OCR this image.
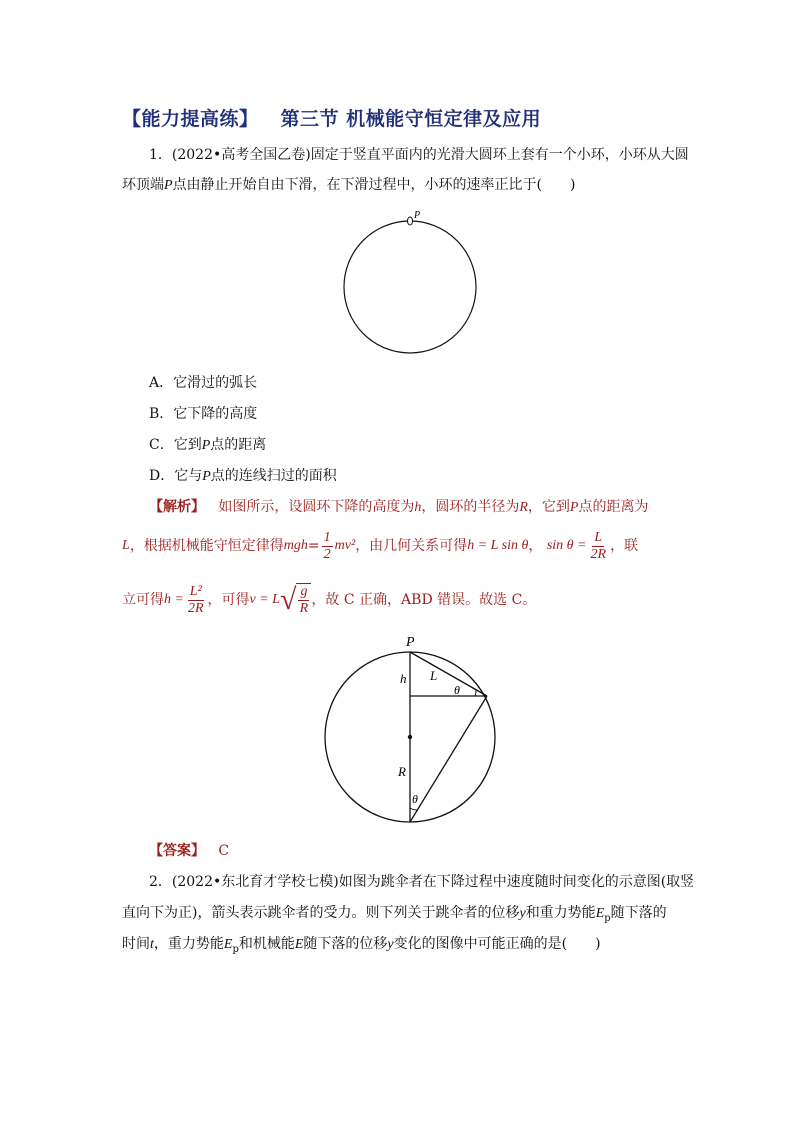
【能力提高练】 第三节 机械能守恒定律及应用
1．(2022•高考全国乙卷)固定于竖直平面内的光滑大圆环上套有一个小环，小环从大圆
环顶端P点由静止开始自由下滑，在下滑过程中，小环的速率正比于(　　)
P
A．它滑过的弧长
B．它下降的高度
C．它到P点的距离
D．它与P点的连线扫过的面积
【解析】 如图所示，设圆环下降的高度为h，圆环的半径为R，它到P点的距离为
L ，根据机械能守恒定律得 mgh = $\frac{1}{2} mv^2$ ，由几何关系可得 h = L sin θ ，
$\sin \theta = \frac{L}{2R}$ ，联
立可得 $h = \frac{\text{L²}}{2R}$ ，可得 v = L √ g
R
，故 C 正确，ABD 错误。故选 C。
P
h L
θ
R
θ
【答案】 C
2．(2022•东北育才学校七模)如图为跳伞者在下降过程中速度随时间变化的示意图(取竖
直向下为正)，箭头表示跳伞者的受力。则下列关于跳伞者的位移y和重力势能$E_p$随下落的
时间t，重力势能$E_p$和机械能E随下落的位移y变化的图像中可能正确的是(　　)
